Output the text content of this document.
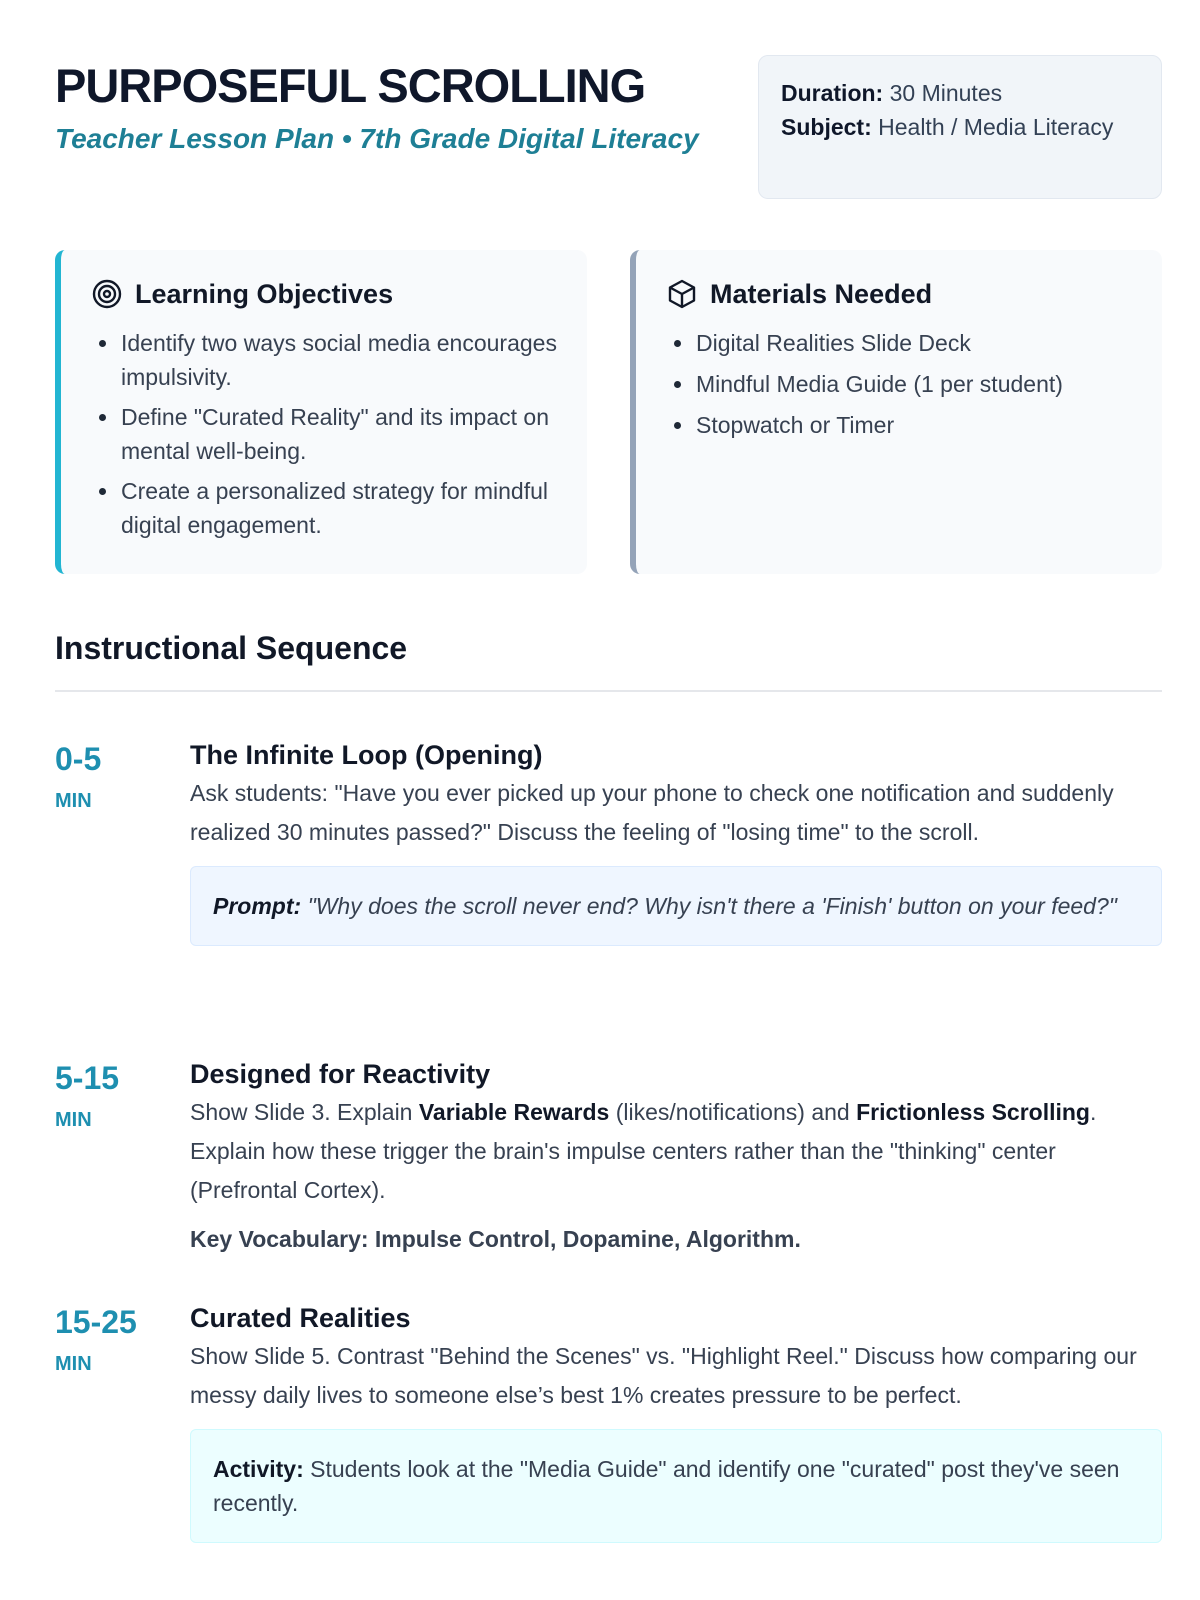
PURPOSEFUL SCROLLING
Teacher Lesson Plan • 7th Grade Digital Literacy
Duration: 30 Minutes
Subject: Health / Media Literacy
Learning Objectives
Identify two ways social media encourages impulsivity.
Define "Curated Reality" and its impact on mental well-being.
Create a personalized strategy for mindful digital engagement.
Materials Needed
Digital Realities Slide Deck
Mindful Media Guide (1 per student)
Stopwatch or Timer
Instructional Sequence
0-5
MIN
The Infinite Loop (Opening)

Ask students: "Have you ever picked up your phone to check one notification and suddenly realized 30 minutes passed?" Discuss the feeling of "losing time" to the scroll.

Prompt: "Why does the scroll never end? Why isn't there a 'Finish' button on your feed?"
5-15
MIN
Designed for Reactivity

Show Slide 3. Explain Variable Rewards (likes/notifications) and Frictionless Scrolling. Explain how these trigger the brain's impulse centers rather than the "thinking" center (Prefrontal Cortex).

Key Vocabulary: Impulse Control, Dopamine, Algorithm.
15-25
MIN
Curated Realities

Show Slide 5. Contrast "Behind the Scenes" vs. "Highlight Reel." Discuss how comparing our messy daily lives to someone else’s best 1% creates pressure to be perfect.

Activity: Students look at the "Media Guide" and identify one "curated" post they've seen recently.
